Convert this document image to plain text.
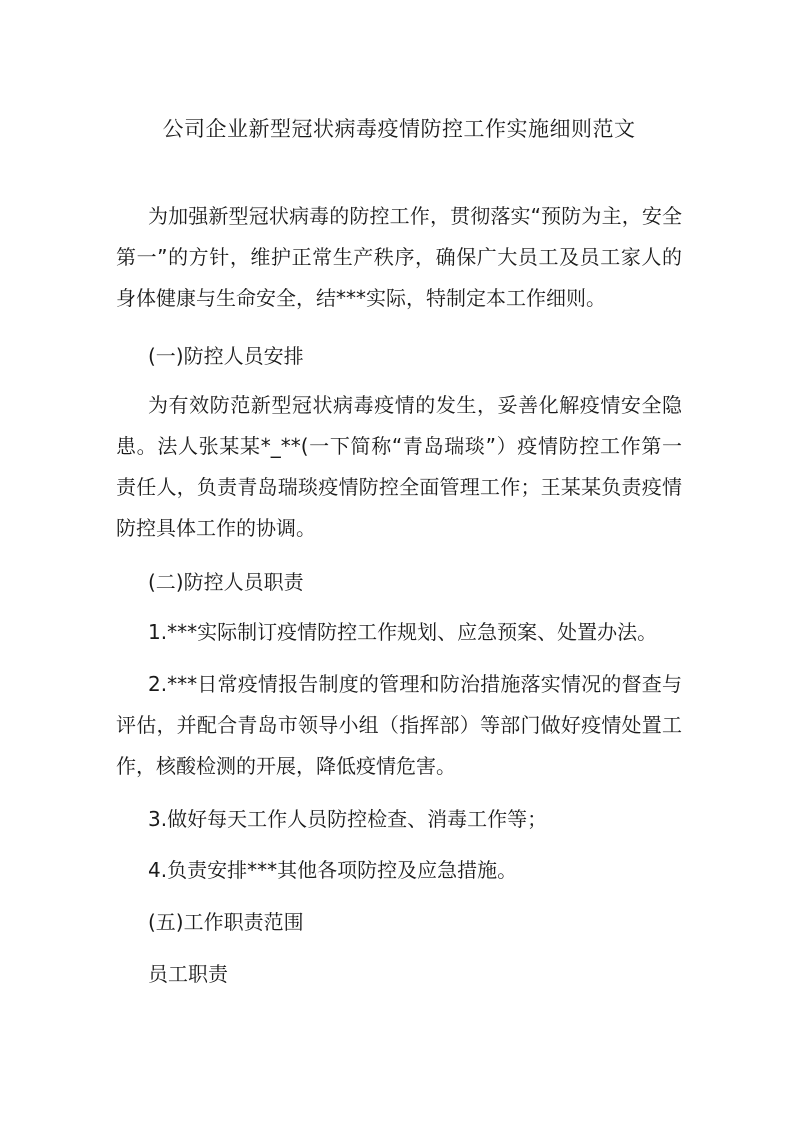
公司企业新型冠状病毒疫情防控工作实施细则范文
为加强新型冠状病毒的防控工作，贯彻落实“预防为主，安全第一”的方针，维护正常生产秩序，确保广大员工及员工家人的身体健康与生命安全，结***实际，特制定本工作细则。
(一)防控人员安排
为有效防范新型冠状病毒疫情的发生，妥善化解疫情安全隐患。法人张某某*_**(一下简称“青岛瑞琰”）疫情防控工作第一责任人，负责青岛瑞琰疫情防控全面管理工作；王某某负责疫情防控具体工作的协调。
(二)防控人员职责
1.***实际制订疫情防控工作规划、应急预案、处置办法。
2.***日常疫情报告制度的管理和防治措施落实情况的督查与评估，并配合青岛市领导小组（指挥部）等部门做好疫情处置工作，核酸检测的开展，降低疫情危害。
3.做好每天工作人员防控检查、消毒工作等；
4.负责安排***其他各项防控及应急措施。
(五)工作职责范围
员工职责
